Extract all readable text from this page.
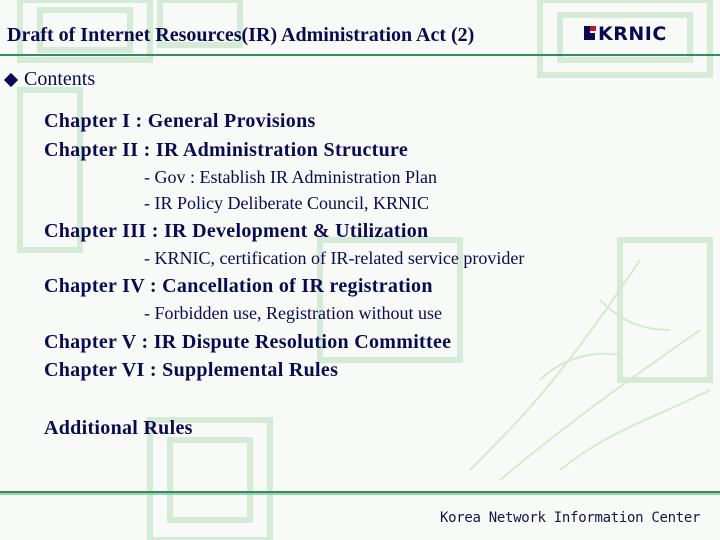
Draft of Internet Resources(IR) Administration Act (2)	KRNIC
Contents
Chapter I : General Provisions
Chapter II : IR Administration Structure
- Gov : Establish IR Administration Plan
- IR Policy Deliberate Council, KRNIC
Chapter III : IR Development & Utilization
- KRNIC, certification of IR-related service provider
Chapter IV : Cancellation of IR registration
- Forbidden use, Registration without use
Chapter V : IR Dispute Resolution Committee
Chapter VI : Supplemental Rules
Additional Rules
Korea Network Information Center
